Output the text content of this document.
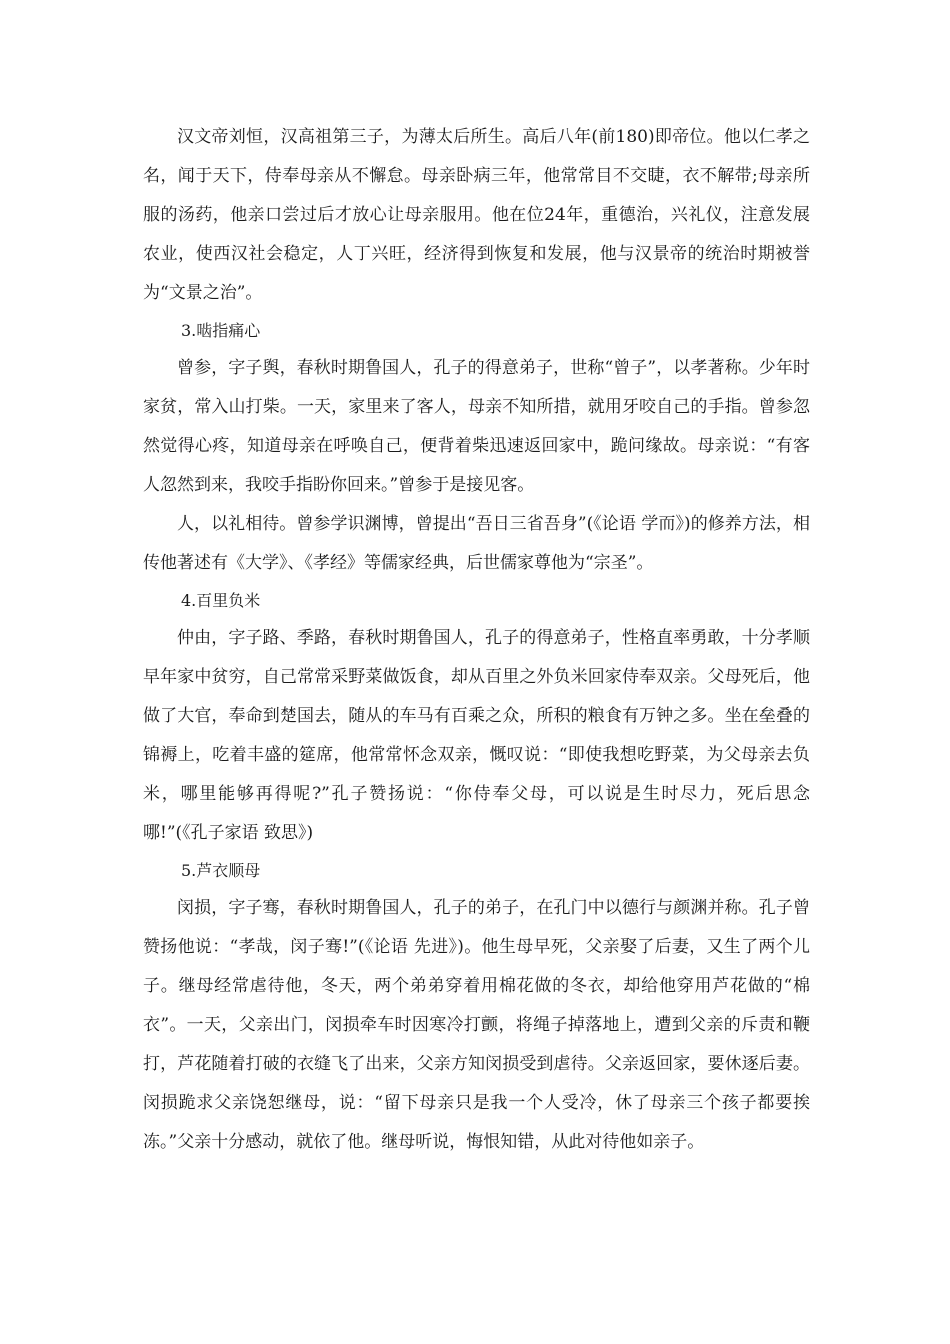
汉文帝刘恒，汉高祖第三子，为薄太后所生。高后八年(前180)即帝位。他以仁孝之名，闻于天下，侍奉母亲从不懈怠。母亲卧病三年，他常常目不交睫，衣不解带;母亲所服的汤药，他亲口尝过后才放心让母亲服用。他在位24年，重德治，兴礼仪，注意发展农业，使西汉社会稳定，人丁兴旺，经济得到恢复和发展，他与汉景帝的统治时期被誉为“文景之治”。

3.啮指痛心

曾参，字子舆，春秋时期鲁国人，孔子的得意弟子，世称“曾子”，以孝著称。少年时家贫，常入山打柴。一天，家里来了客人，母亲不知所措，就用牙咬自己的手指。曾参忽然觉得心疼，知道母亲在呼唤自己，便背着柴迅速返回家中，跪问缘故。母亲说：“有客人忽然到来，我咬手指盼你回来。”曾参于是接见客。

人，以礼相待。曾参学识渊博，曾提出“吾日三省吾身”(《论语 学而》)的修养方法，相传他著述有《大学》、《孝经》等儒家经典，后世儒家尊他为“宗圣”。

4.百里负米

仲由，字子路、季路，春秋时期鲁国人，孔子的得意弟子，性格直率勇敢，十分孝顺早年家中贫穷，自己常常采野菜做饭食，却从百里之外负米回家侍奉双亲。父母死后，他做了大官，奉命到楚国去，随从的车马有百乘之众，所积的粮食有万钟之多。坐在垒叠的锦褥上，吃着丰盛的筵席，他常常怀念双亲，慨叹说：“即使我想吃野菜，为父母亲去负米，哪里能够再得呢?”孔子赞扬说：“你侍奉父母，可以说是生时尽力，死后思念哪!”(《孔子家语 致思》)

5.芦衣顺母

闵损，字子骞，春秋时期鲁国人，孔子的弟子，在孔门中以德行与颜渊并称。孔子曾赞扬他说：“孝哉，闵子骞!”(《论语 先进》)。他生母早死，父亲娶了后妻，又生了两个儿子。继母经常虐待他，冬天，两个弟弟穿着用棉花做的冬衣，却给他穿用芦花做的“棉衣”。一天，父亲出门，闵损牵车时因寒冷打颤，将绳子掉落地上，遭到父亲的斥责和鞭打，芦花随着打破的衣缝飞了出来，父亲方知闵损受到虐待。父亲返回家，要休逐后妻。闵损跪求父亲饶恕继母，说：“留下母亲只是我一个人受冷，休了母亲三个孩子都要挨冻。”父亲十分感动，就依了他。继母听说，悔恨知错，从此对待他如亲子。
